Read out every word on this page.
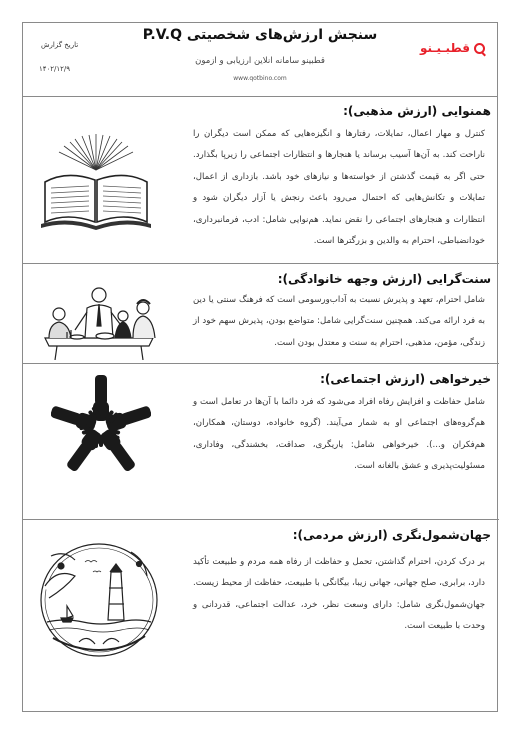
قطبـیـنو
سنجش ارزش‌های شخصیتی P.V.Q
قطبینو سامانه انلاین ارزیابی و ازمون
www.qotbino.com
تاریخ گزارش
۱۴۰۲/۱۲/۹
همنوایی (ارزش مذهبی):
کنترل و مهار اعمال، تمایلات، رفتارها و انگیزه‌هایی که ممکن است دیگران را ناراحت کند. به آن‌ها آسیب برساند یا هنجارها و انتظارات اجتماعی را زیرپا بگذارد. حتی اگر به قیمت گذشتن از خواسته‌ها و نیازهای خود باشد. بازداری از اعمال، تمایلات و تکانش‌هایی که احتمال می‌رود باعث رنجش یا آزار دیگران شود و انتظارات و هنجارهای اجتماعی را نقض نماید. هم‌نوایی شامل: ادب، فرمانبرداری، خودانضباطی، احترام به والدین و بزرگترها است.
سنت‌گرایی (ارزش وجهه خانوادگی):
شامل احترام، تعهد و پذیرش نسبت به آداب‌ورسومی است که فرهنگ سنتی یا دین به فرد ارائه می‌کند. همچنین سنت‌گرایی شامل: متواضع بودن، پذیرش سهم خود از زندگی، مؤمن، مذهبی، احترام به سنت و معتدل بودن است.
خیرخواهی (ارزش اجتماعی):
شامل حفاظت و افزایش رفاه افراد می‌شود که فرد دائما با آن‌ها در تعامل است و هم‌گروه‌های اجتماعی او به شمار می‌آیند. (گروه خانواده، دوستان، همکاران، هم‌فکران و...). خیرخواهی شامل: یاریگری، صداقت، بخشندگی، وفاداری، مسئولیت‌پذیری و عشق بالغانه است.
جهان‌شمول‌نگری (ارزش مردمی):
بر درک کردن، احترام گذاشتن، تحمل و حفاظت از رفاه همه مردم و طبیعت تأکید دارد، برابری، صلح جهانی، جهانی زیبا، بیگانگی با طبیعت، حفاظت از محیط زیست. جهان‌شمول‌نگری شامل: دارای وسعت نظر، خرد، عدالت اجتماعی، قدردانی و وحدت با طبیعت است.
